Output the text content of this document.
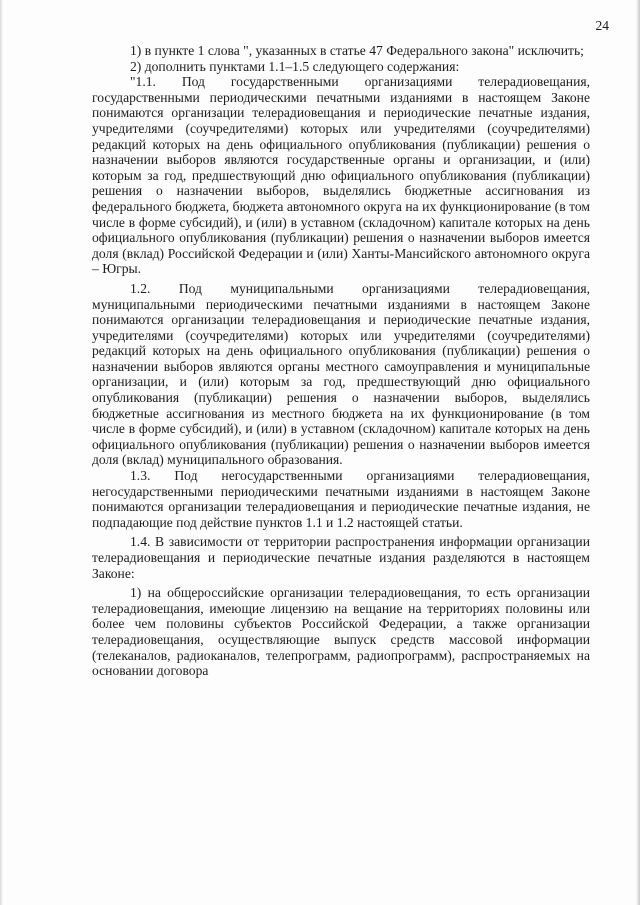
24

1) в пункте 1 слова ", указанных в статье 47 Федерального закона" исключить;

2) дополнить пунктами 1.1–1.5 следующего содержания:

"1.1. Под государственными организациями телерадиовещания, государственными периодическими печатными изданиями в настоящем Законе понимаются организации телерадиовещания и периодические печатные издания, учредителями (соучредителями) которых или учредителями (соучредителями) редакций которых на день официального опубликования (публикации) решения о назначении выборов являются государственные органы и организации, и (или) которым за год, предшествующий дню официального опубликования (публикации) решения о назначении выборов, выделялись бюджетные ассигнования из федерального бюджета, бюджета автономного округа на их функционирование (в том числе в форме субсидий), и (или) в уставном (складочном) капитале которых на день официального опубликования (публикации) решения о назначении выборов имеется доля (вклад) Российской Федерации и (или) Ханты-Мансийского автономного округа – Югры.

1.2. Под муниципальными организациями телерадиовещания, муниципальными периодическими печатными изданиями в настоящем Законе понимаются организации телерадиовещания и периодические печатные издания, учредителями (соучредителями) которых или учредителями (соучредителями) редакций которых на день официального опубликования (публикации) решения о назначении выборов являются органы местного самоуправления и муниципальные организации, и (или) которым за год, предшествующий дню официального опубликования (публикации) решения о назначении выборов, выделялись бюджетные ассигнования из местного бюджета на их функционирование (в том числе в форме субсидий), и (или) в уставном (складочном) капитале которых на день официального опубликования (публикации) решения о назначении выборов имеется доля (вклад) муниципального образования.

1.3. Под негосударственными организациями телерадиовещания, негосударственными периодическими печатными изданиями в настоящем Законе понимаются организации телерадиовещания и периодические печатные издания, не подпадающие под действие пунктов 1.1 и 1.2 настоящей статьи.

1.4. В зависимости от территории распространения информации организации телерадиовещания и периодические печатные издания разделяются в настоящем Законе:

1) на общероссийские организации телерадиовещания, то есть организации телерадиовещания, имеющие лицензию на вещание на территориях половины или более чем половины субъектов Российской Федерации, а также организации телерадиовещания, осуществляющие выпуск средств массовой информации (телеканалов, радиоканалов, телепрограмм, радиопрограмм), распространяемых на основании договора
